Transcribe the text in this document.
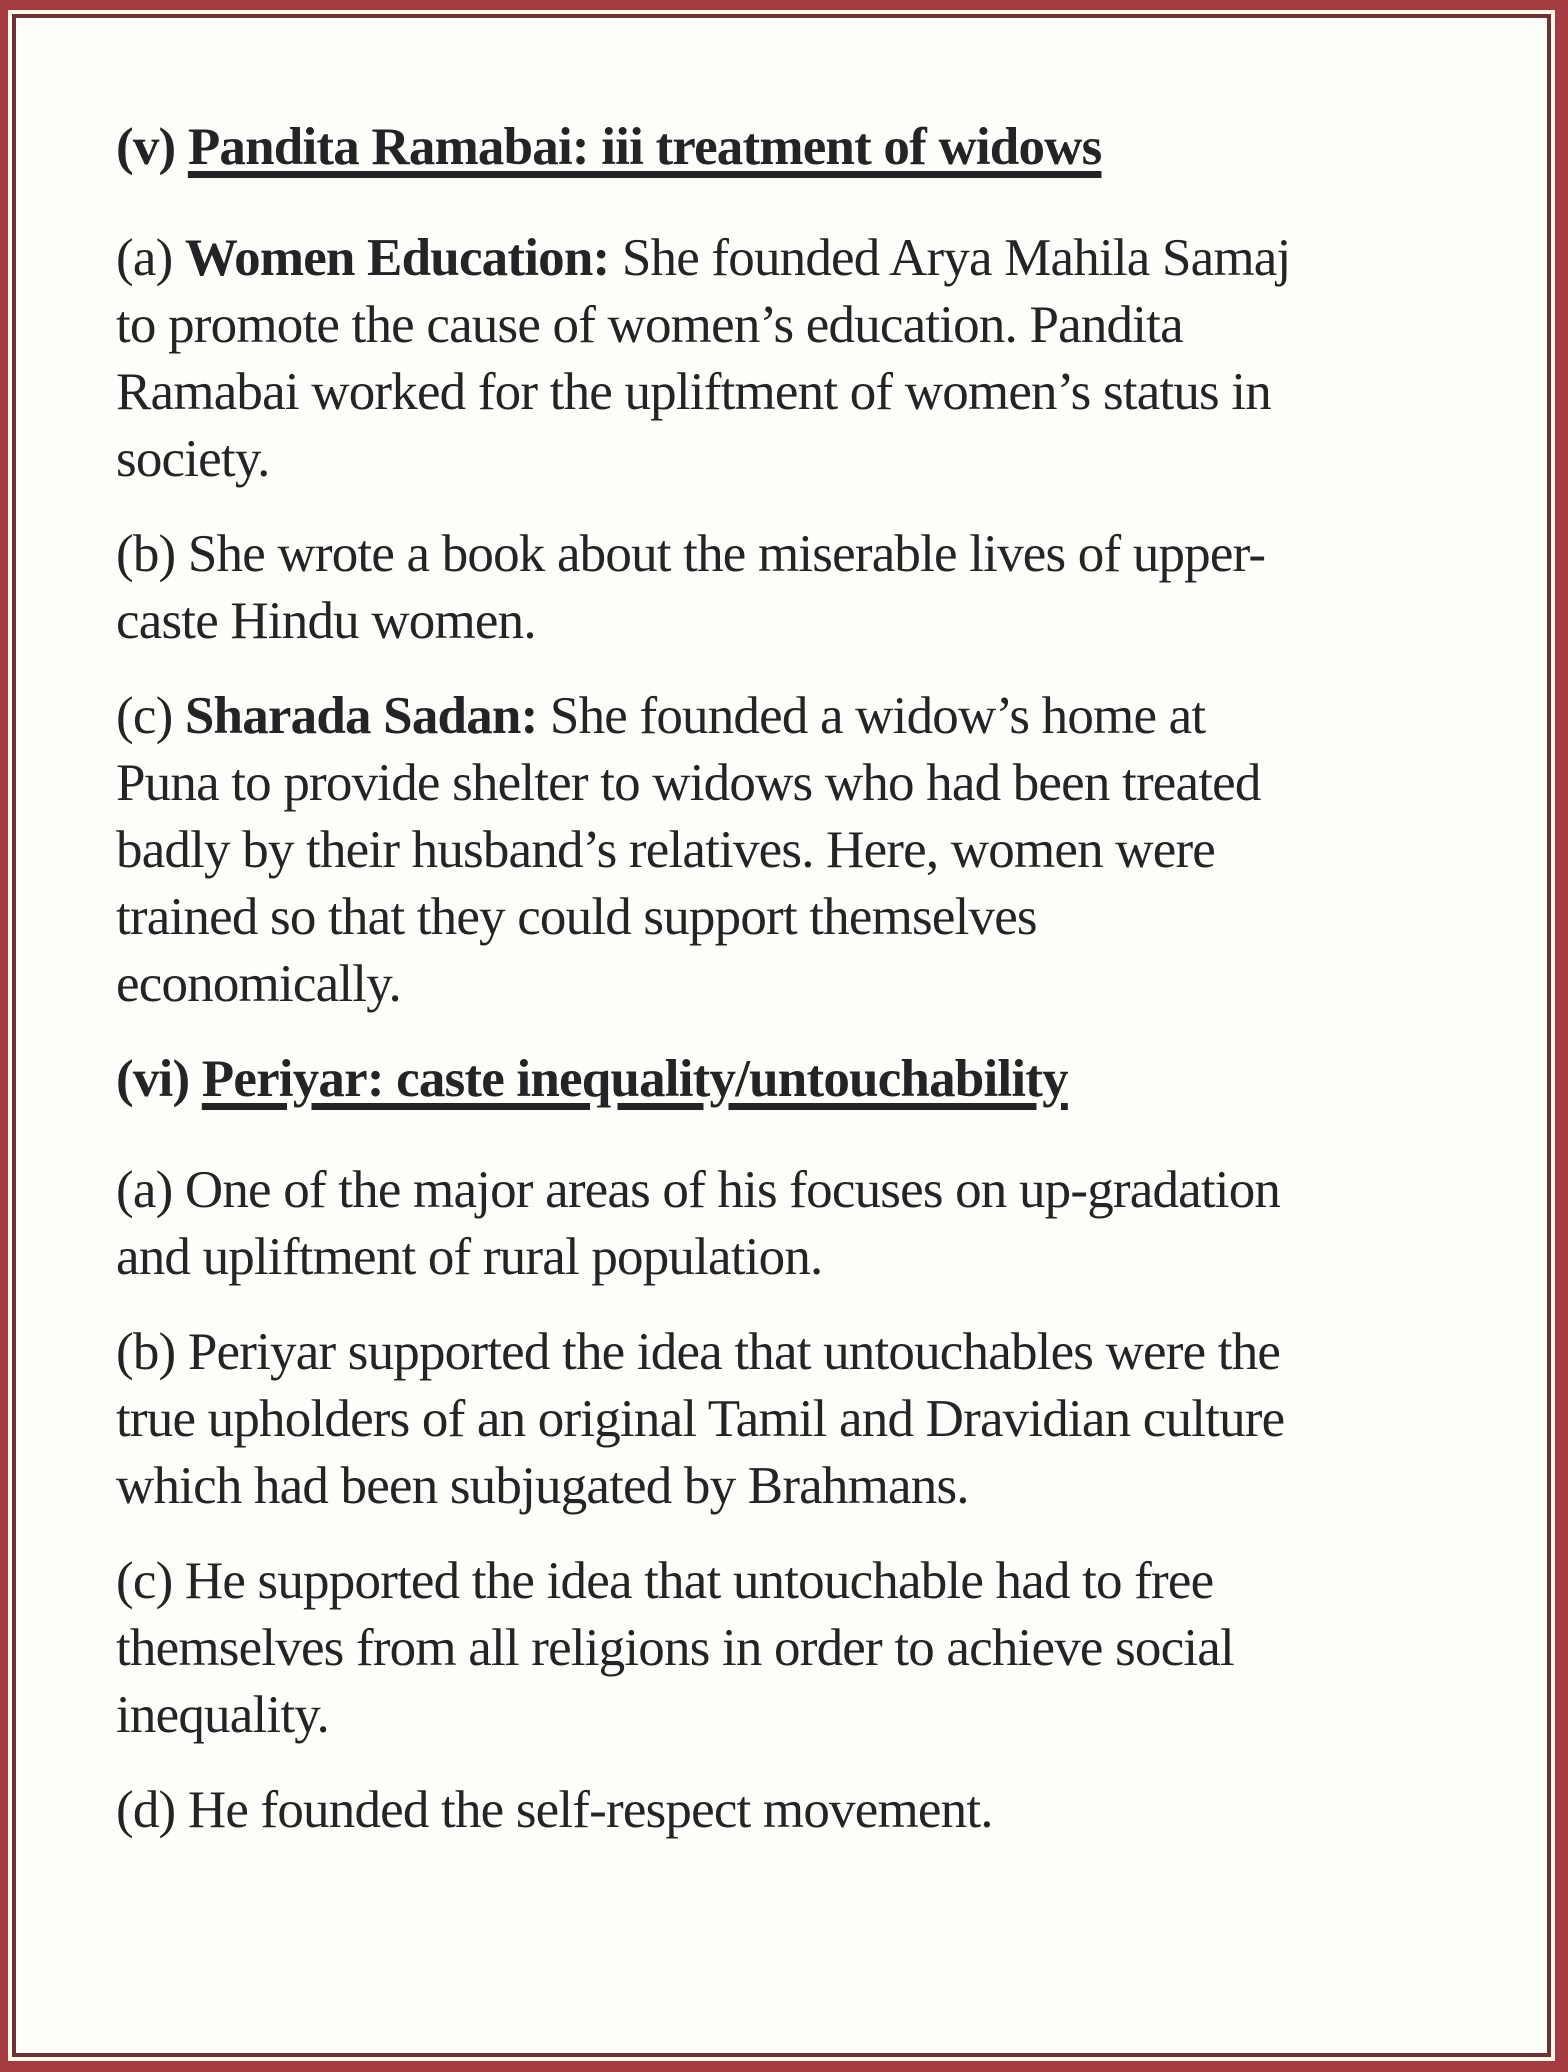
(v) Pandita Ramabai: iii treatment of widows
(a) Women Education: She founded Arya Mahila Samaj
to promote the cause of women’s education. Pandita
Ramabai worked for the upliftment of women’s status in
society.
(b) She wrote a book about the miserable lives of upper-
caste Hindu women.
(c) Sharada Sadan: She founded a widow’s home at
Puna to provide shelter to widows who had been treated
badly by their husband’s relatives. Here, women were
trained so that they could support themselves
economically.
(vi) Periyar: caste inequality/untouchability
(a) One of the major areas of his focuses on up-gradation
and upliftment of rural population.
(b) Periyar supported the idea that untouchables were the
true upholders of an original Tamil and Dravidian culture
which had been subjugated by Brahmans.
(c) He supported the idea that untouchable had to free
themselves from all religions in order to achieve social
inequality.
(d) He founded the self-respect movement.
